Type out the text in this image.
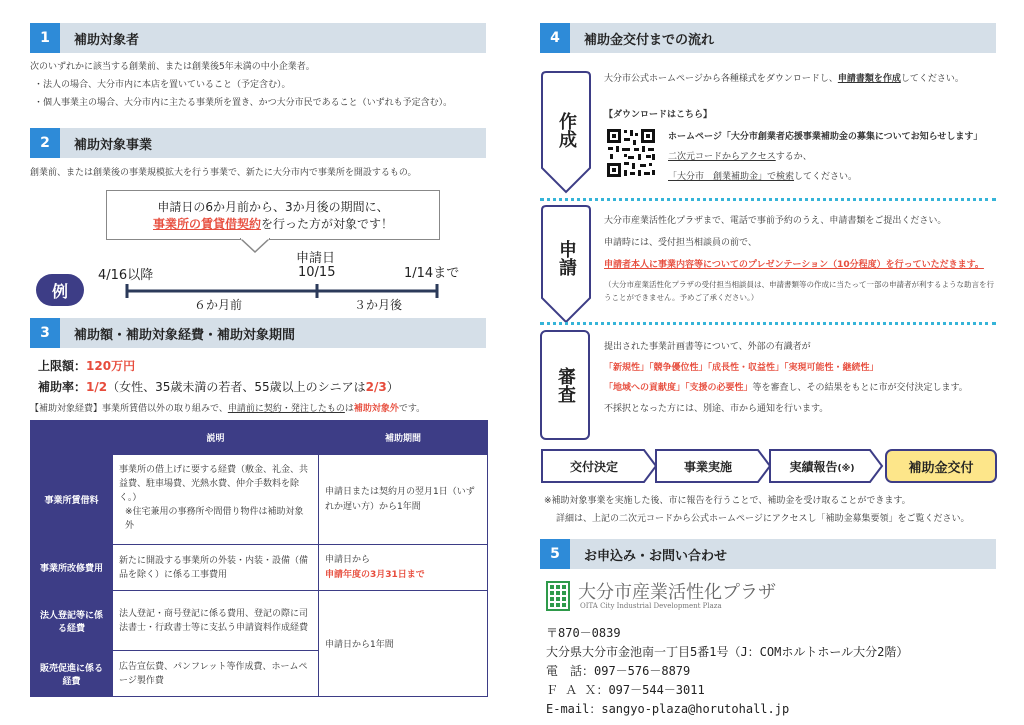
1	補助対象者
次のいずれかに該当する創業前、または創業後5年未満の中小企業者。
・法人の場合、大分市内に本店を置いていること（予定含む）。
・個人事業主の場合、大分市内に主たる事業所を置き、かつ大分市民であること（いずれも予定含む）。
2	補助対象事業
創業前、または創業後の事業規模拡大を行う事業で、新たに大分市内で事業所を開設するもの。
申請日の6か月前から、3か月後の期間に、
事業所の賃貸借契約を行った方が対象です！
例
4/16以降
申請日
10/15	1/14まで
６か月前	３か月後
3	補助額・補助対象経費・補助対象期間
上限額：120万円
補助率：1/2（女性、35歳未満の若者、55歳以上のシニアは2/3）
【補助対象経費】事業所賃借以外の取り組みで、申請前に契約・発注したものは補助対象外です。
	説明	補助期間
事業所賃借料	事業所の借上げに要する経費（敷金、礼金、共益費、駐車場費、光熱水費、仲介手数料を除く。）
※住宅兼用の事務所や間借り物件は補助対象外	申請日または契約月の翌月1日（いずれか遅い方）から1年間
事業所改修費用	新たに開設する事業所の外装・内装・設備（備品を除く）に係る工事費用	申請日から
申請年度の3月31日まで

法人登記等に係る経費	法人登記・商号登記に係る費用、登記の際に司法書士・行政書士等に支払う申請資料作成経費	申請日から1年間
販売促進に係る経費	広告宣伝費、パンフレット等作成費、ホームページ製作費	
4	補助金交付までの流れ
作成
大分市公式ホームページから各種様式をダウンロードし、申請書類を作成してください。
【ダウンロードはこちら】
ホームページ「大分市創業者応援事業補助金の募集についてお知らせします」
二次元コードからアクセスするか、
「大分市　創業補助金」で検索してください。
申請
大分市産業活性化プラザまで、電話で事前予約のうえ、申請書類をご提出ください。
申請時には、受付担当相談員の前で、
申請者本人に事業内容等についてのプレゼンテーション（10分程度）を行っていただきます。
（大分市産業活性化プラザの受付担当相談員は、申請書類等の作成に当たって一部の申請者が利するような助言を行うことができません。予めご了承ください。）
審査
提出された事業計画書等について、外部の有識者が
「新規性」「競争優位性」「成長性・収益性」「実現可能性・継続性」
「地域への貢献度」「支援の必要性」等を審査し、その結果をもとに市が交付決定します。
不採択となった方には、別途、市から通知を行います。
交付決定	事業実施	実績報告(※)	補助金交付
※補助対象事業を実施した後、市に報告を行うことで、補助金を受け取ることができます。
詳細は、上記の二次元コードから公式ホームページにアクセスし「補助金募集要領」をご覧ください。
5	お申込み・お問い合わせ
大分市産業活性化プラザ
OITA City Industrial Development Plaza
〒870－0839
大分県大分市金池南一丁目5番1号（J：COMホルトホール大分2階）
電　話：097－576－8879
Ｆ Ａ Ｘ：097－544－3011
E-mail：sangyo-plaza@horutohall.jp
